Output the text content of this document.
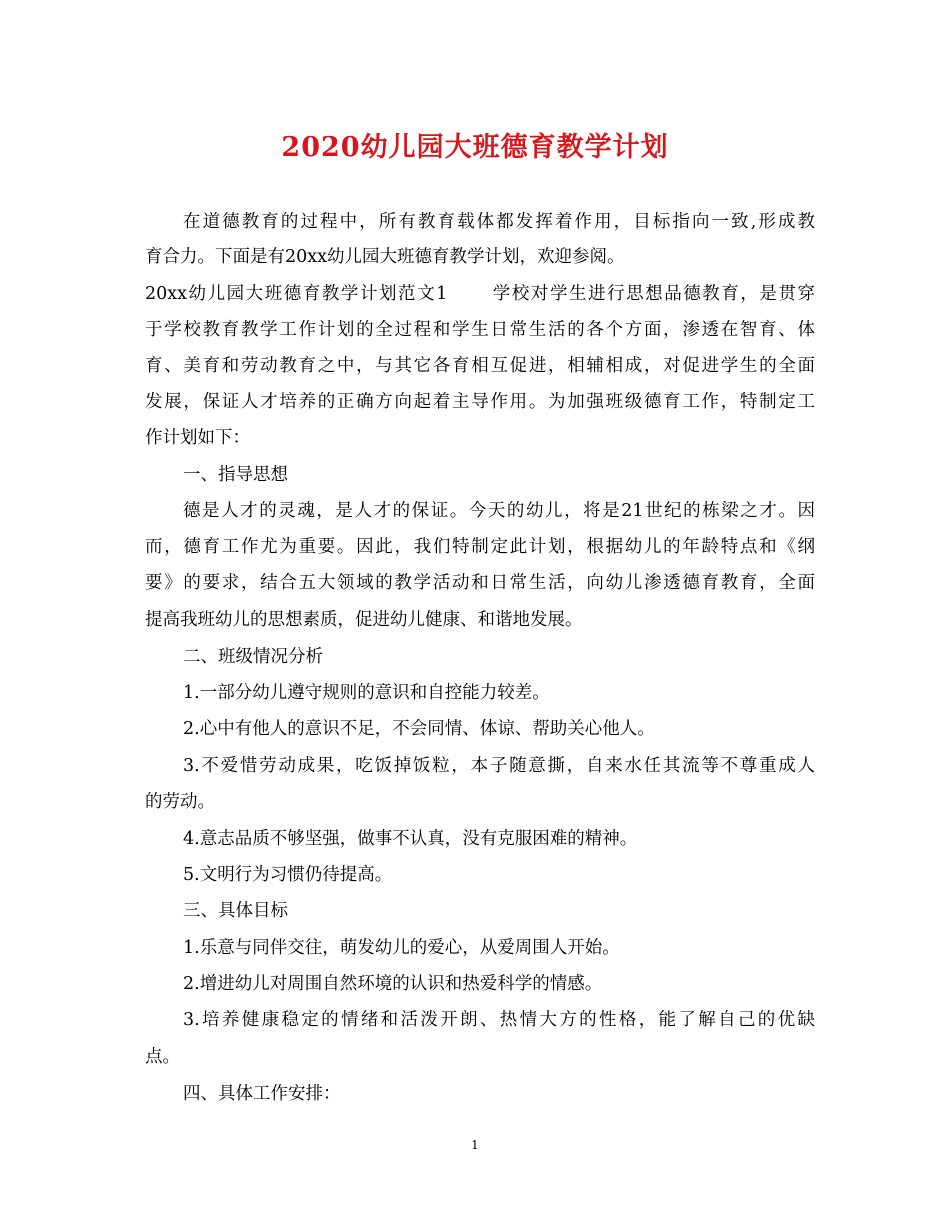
2020幼儿园大班德育教学计划
在道德教育的过程中，所有教育载体都发挥着作用，目标指向一致,形成教
育合力。下面是有20xx幼儿园大班德育教学计划，欢迎参阅。
20xx幼儿园大班德育教学计划范文1	学校对学生进行思想品德教育，是贯穿
于学校教育教学工作计划的全过程和学生日常生活的各个方面，渗透在智育、体
育、美育和劳动教育之中，与其它各育相互促进，相辅相成，对促进学生的全面
发展，保证人才培养的正确方向起着主导作用。为加强班级德育工作，特制定工
作计划如下：
一、指导思想
德是人才的灵魂，是人才的保证。今天的幼儿，将是21世纪的栋梁之才。因
而，德育工作尤为重要。因此，我们特制定此计划，根据幼儿的年龄特点和《纲
要》的要求，结合五大领域的教学活动和日常生活，向幼儿渗透德育教育，全面
提高我班幼儿的思想素质，促进幼儿健康、和谐地发展。
二、班级情况分析
1.一部分幼儿遵守规则的意识和自控能力较差。
2.心中有他人的意识不足，不会同情、体谅、帮助关心他人。
3.不爱惜劳动成果，吃饭掉饭粒，本子随意撕，自来水任其流等不尊重成人
的劳动。
4.意志品质不够坚强，做事不认真，没有克服困难的精神。
5.文明行为习惯仍待提高。
三、具体目标
1.乐意与同伴交往，萌发幼儿的爱心，从爱周围人开始。
2.增进幼儿对周围自然环境的认识和热爱科学的情感。
3.培养健康稳定的情绪和活泼开朗、热情大方的性格，能了解自己的优缺
点。
四、具体工作安排：
1
